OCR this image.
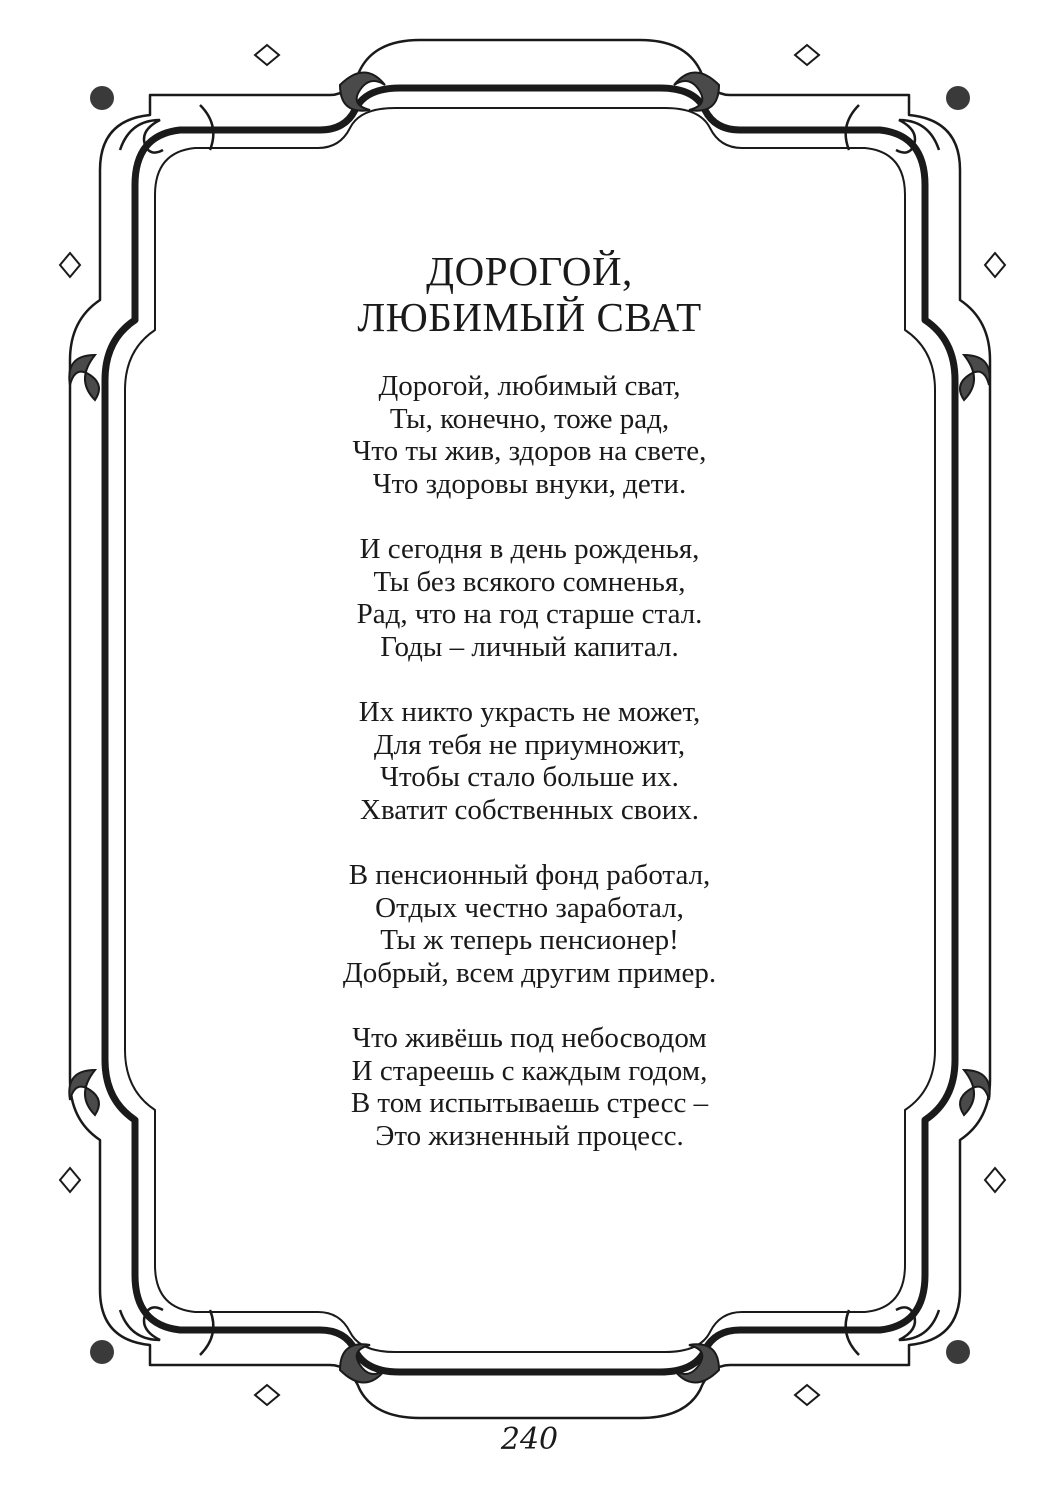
ДОРОГОЙ,
ЛЮБИМЫЙ СВАТ
Дорогой, любимый сват,
Ты, конечно, тоже рад,
Что ты жив, здоров на свете,
Что здоровы внуки, дети.
И сегодня в день рожденья,
Ты без всякого сомненья,
Рад, что на год старше стал.
Годы – личный капитал.
Их никто украсть не может,
Для тебя не приумножит,
Чтобы стало больше их.
Хватит собственных своих.
В пенсионный фонд работал,
Отдых честно заработал,
Ты ж теперь пенсионер!
Добрый, всем другим пример.
Что живёшь под небосводом
И стареешь с каждым годом,
В том испытываешь стресс –
Это жизненный процесс.
240
